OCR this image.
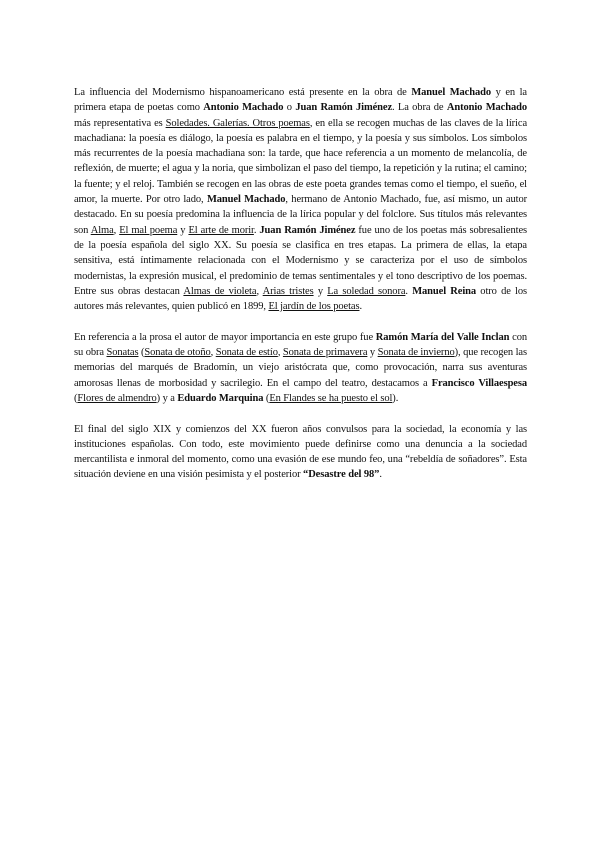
La influencia del Modernismo hispanoamericano está presente en la obra de Manuel Machado y en la primera etapa de poetas como Antonio Machado o Juan Ramón Jiménez. La obra de Antonio Machado más representativa es Soledades. Galerías. Otros poemas, en ella se recogen muchas de las claves de la lírica machadiana: la poesía es diálogo, la poesía es palabra en el tiempo, y la poesía y sus símbolos. Los símbolos más recurrentes de la poesía machadiana son: la tarde, que hace referencia a un momento de melancolía, de reflexión, de muerte; el agua y la noria, que simbolizan el paso del tiempo, la repetición y la rutina; el camino; la fuente; y el reloj. También se recogen en las obras de este poeta grandes temas como el tiempo, el sueño, el amor, la muerte. Por otro lado, Manuel Machado, hermano de Antonio Machado, fue, así mismo, un autor destacado. En su poesía predomina la influencia de la lírica popular y del folclore. Sus títulos más relevantes son Alma, El mal poema y El arte de morir. Juan Ramón Jiménez fue uno de los poetas más sobresalientes de la poesía española del siglo XX. Su poesía se clasifica en tres etapas. La primera de ellas, la etapa sensitiva, está íntimamente relacionada con el Modernismo y se caracteriza por el uso de símbolos modernistas, la expresión musical, el predominio de temas sentimentales y el tono descriptivo de los poemas. Entre sus obras destacan Almas de violeta, Arias tristes y La soledad sonora. Manuel Reina otro de los autores más relevantes, quien publicó en 1899, El jardín de los poetas.

En referencia a la prosa el autor de mayor importancia en este grupo fue Ramón María del Valle Inclan con su obra Sonatas (Sonata de otoño, Sonata de estío, Sonata de primavera y Sonata de invierno), que recogen las memorias del marqués de Bradomín, un viejo aristócrata que, como provocación, narra sus aventuras amorosas llenas de morbosidad y sacrilegio. En el campo del teatro, destacamos a Francisco Villaespesa (Flores de almendro) y a Eduardo Marquina (En Flandes se ha puesto el sol).

El final del siglo XIX y comienzos del XX fueron años convulsos para la sociedad, la economía y las instituciones españolas. Con todo, este movimiento puede definirse como una denuncia a la sociedad mercantilista e inmoral del momento, como una evasión de ese mundo feo, una “rebeldía de soñadores”. Esta situación deviene en una visión pesimista y el posterior “Desastre del 98”.
